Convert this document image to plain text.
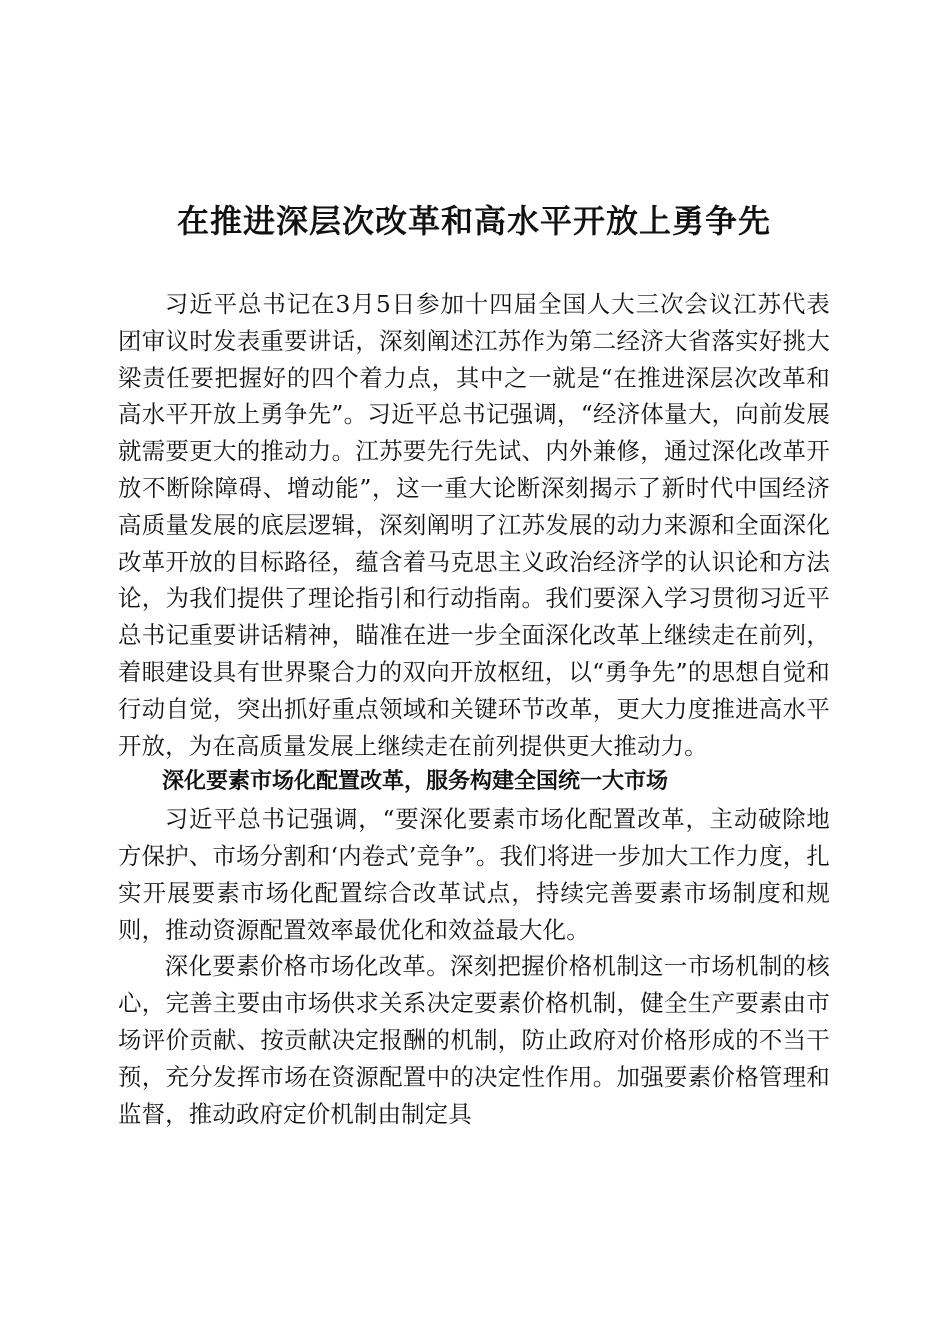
在推进深层次改革和高水平开放上勇争先

习近平总书记在3月5日参加十四届全国人大三次会议江苏代表团审议时发表重要讲话，深刻阐述江苏作为第二经济大省落实好挑大梁责任要把握好的四个着力点，其中之一就是“在推进深层次改革和高水平开放上勇争先”。习近平总书记强调，“经济体量大，向前发展就需要更大的推动力。江苏要先行先试、内外兼修，通过深化改革开放不断除障碍、增动能”，这一重大论断深刻揭示了新时代中国经济高质量发展的底层逻辑，深刻阐明了江苏发展的动力来源和全面深化改革开放的目标路径，蕴含着马克思主义政治经济学的认识论和方法论，为我们提供了理论指引和行动指南。我们要深入学习贯彻习近平总书记重要讲话精神，瞄准在进一步全面深化改革上继续走在前列，着眼建设具有世界聚合力的双向开放枢纽，以“勇争先”的思想自觉和行动自觉，突出抓好重点领域和关键环节改革，更大力度推进高水平开放，为在高质量发展上继续走在前列提供更大推动力。

深化要素市场化配置改革，服务构建全国统一大市场

习近平总书记强调，“要深化要素市场化配置改革，主动破除地方保护、市场分割和‘内卷式’竞争”。我们将进一步加大工作力度，扎实开展要素市场化配置综合改革试点，持续完善要素市场制度和规则，推动资源配置效率最优化和效益最大化。

深化要素价格市场化改革。深刻把握价格机制这一市场机制的核心，完善主要由市场供求关系决定要素价格机制，健全生产要素由市场评价贡献、按贡献决定报酬的机制，防止政府对价格形成的不当干预，充分发挥市场在资源配置中的决定性作用。加强要素价格管理和监督，推动政府定价机制由制定具
